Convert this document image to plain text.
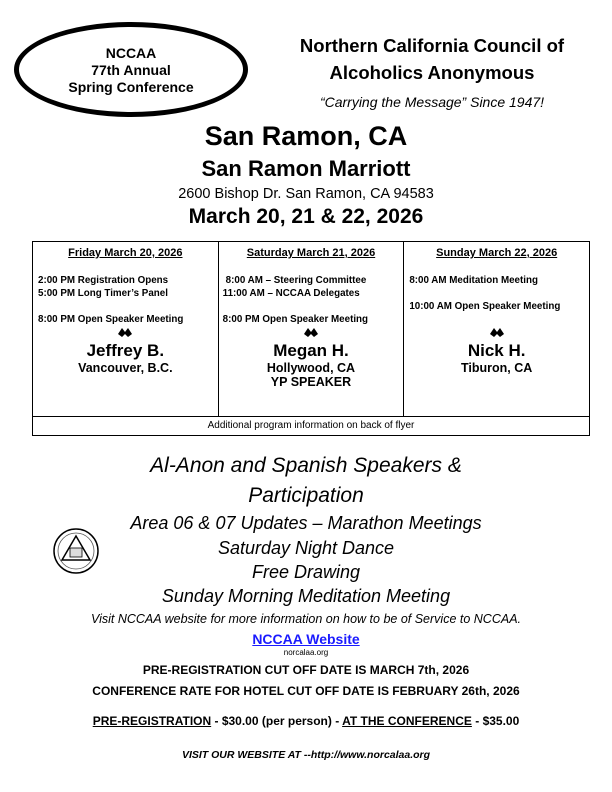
NCCAA
77th Annual
Spring Conference
Northern California Council of
Alcoholics Anonymous
“Carrying the Message” Since 1947!
San Ramon, CA
San Ramon Marriott
2600 Bishop Dr. San Ramon, CA 94583
March 20, 21 & 22, 2026
Friday March 20, 2026
2:00 PM Registration Opens
5:00 PM Long Timer’s Panel
8:00 PM Open Speaker Meeting
Jeffrey B.
Vancouver, B.C.

Saturday March 21, 2026
8:00 AM – Steering Committee
11:00 AM – NCCAA Delegates
8:00 PM Open Speaker Meeting
Megan H.
Hollywood, CA
YP SPEAKER

Sunday March 22, 2026
8:00 AM Meditation Meeting
10:00 AM Open Speaker Meeting
Nick H.
Tiburon, CA

Additional program information on back of flyer
Al-Anon and Spanish Speakers &
Participation
Area 06 & 07 Updates – Marathon Meetings
Saturday Night Dance
Free Drawing
Sunday Morning Meditation Meeting
Visit NCCAA website for more information on how to be of Service to NCCAA.
NCCAA Website
norcalaa.org
PRE-REGISTRATION CUT OFF DATE IS MARCH 7th, 2026
CONFERENCE RATE FOR HOTEL CUT OFF DATE IS FEBRUARY 26th, 2026
PRE-REGISTRATION - $30.00 (per person) - AT THE CONFERENCE - $35.00
VISIT OUR WEBSITE AT --http://www.norcalaa.org
